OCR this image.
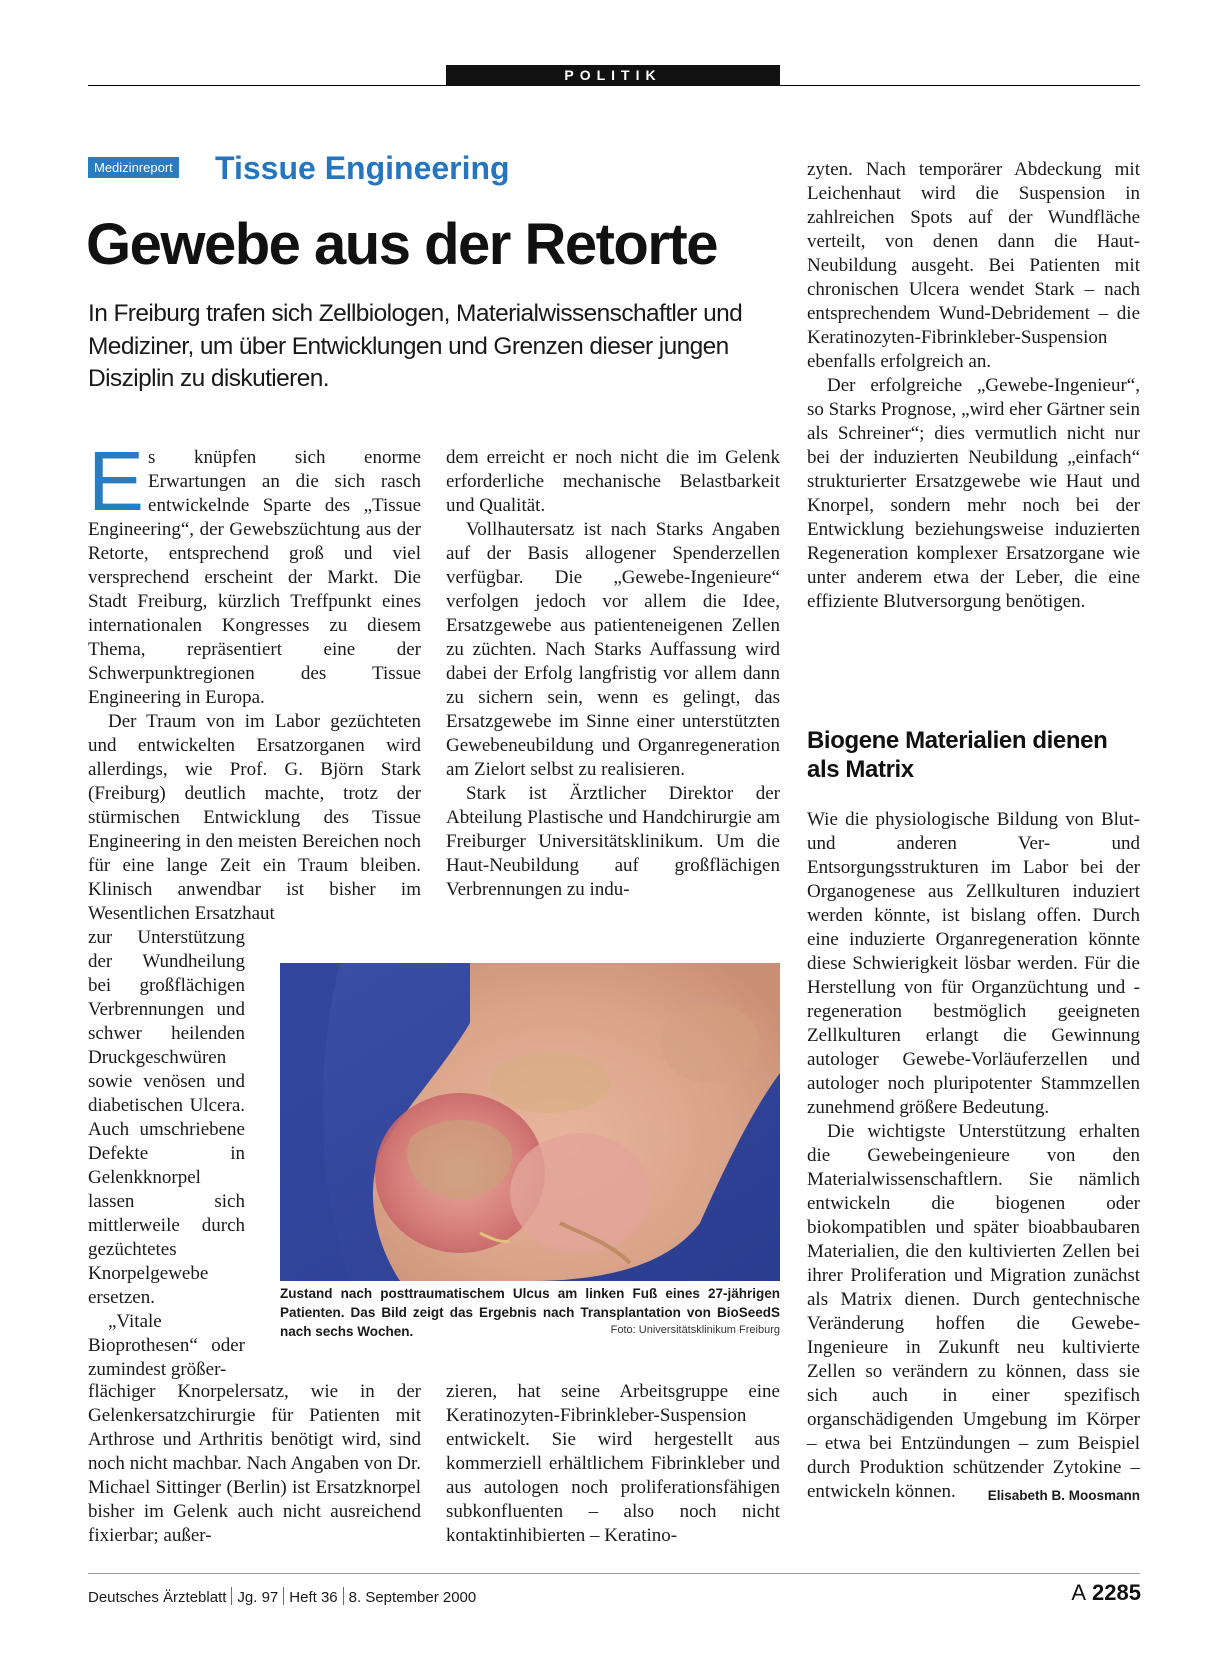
POLITIK
Medizinreport Tissue Engineering
Gewebe aus der Retorte
In Freiburg trafen sich Zellbiologen, Materialwissenschaftler und Mediziner, um über Entwicklungen und Grenzen dieser jungen Disziplin zu diskutieren.

Es knüpfen sich enorme Erwartungen an die sich rasch entwickelnde Sparte des „Tissue Engineering“, der Gewebszüchtung aus der Retorte, entsprechend groß und viel versprechend erscheint der Markt. Die Stadt Freiburg, kürzlich Treffpunkt eines internationalen Kongresses zu diesem Thema, repräsentiert eine der Schwerpunktregionen des Tissue Engineering in Europa.

Der Traum von im Labor gezüchteten und entwickelten Ersatzorganen wird allerdings, wie Prof. G. Björn Stark (Freiburg) deutlich machte, trotz der stürmischen Entwicklung des Tissue Engineering in den meisten Bereichen noch für eine lange Zeit ein Traum bleiben. Klinisch anwendbar ist bisher im Wesentlichen Ersatzhaut

zur Unterstützung der Wundheilung bei großflächigen Verbrennungen und schwer heilenden Druckgeschwüren sowie venösen und diabetischen Ulcera. Auch umschriebene Defekte in Gelenkknorpel lassen sich mittlerweile durch gezüchtetes Knorpelgewebe ersetzen.

„Vitale Bioprothesen“ oder zumindest größer-

flächiger Knorpelersatz, wie in der Gelenkersatzchirurgie für Patienten mit Arthrose und Arthritis benötigt wird, sind noch nicht machbar. Nach Angaben von Dr. Michael Sittinger (Berlin) ist Ersatzknorpel bisher im Gelenk auch nicht ausreichend fixierbar; außer-

dem erreicht er noch nicht die im Gelenk erforderliche mechanische Belastbarkeit und Qualität.

Vollhautersatz ist nach Starks Angaben auf der Basis allogener Spenderzellen verfügbar. Die „Gewebe-Ingenieure“ verfolgen jedoch vor allem die Idee, Ersatzgewebe aus patienteneigenen Zellen zu züchten. Nach Starks Auffassung wird dabei der Erfolg langfristig vor allem dann zu sichern sein, wenn es gelingt, das Ersatzgewebe im Sinne einer unterstützten Gewebeneubildung und Organregeneration am Zielort selbst zu realisieren.

Stark ist Ärztlicher Direktor der Abteilung Plastische und Handchirurgie am Freiburger Universitätsklinikum. Um die Haut-Neubildung auf großflächigen Verbrennungen zu indu-

zieren, hat seine Arbeitsgruppe eine Keratinozyten-Fibrinkleber-Suspension entwickelt. Sie wird hergestellt aus kommerziell erhältlichem Fibrinkleber und aus autologen noch proliferationsfähigen subkonfluenten – also noch nicht kontaktinhibierten – Keratino-

Zustand nach posttraumatischem Ulcus am linken Fuß eines 27-jährigen Patienten. Das Bild zeigt das Ergebnis nach Transplantation von BioSeedS nach sechs Wochen.	Foto: Universitätsklinikum Freiburg

zyten. Nach temporärer Abdeckung mit Leichenhaut wird die Suspension in zahlreichen Spots auf der Wundfläche verteilt, von denen dann die Haut-Neubildung ausgeht. Bei Patienten mit chronischen Ulcera wendet Stark – nach entsprechendem Wund-Debridement – die Keratinozyten-Fibrinkleber-Suspension ebenfalls erfolgreich an.

Der erfolgreiche „Gewebe-Ingenieur“, so Starks Prognose, „wird eher Gärtner sein als Schreiner“; dies vermutlich nicht nur bei der induzierten Neubildung „einfach“ strukturierter Ersatzgewebe wie Haut und Knorpel, sondern mehr noch bei der Entwicklung beziehungsweise induzierten Regeneration komplexer Ersatzorgane wie unter anderem etwa der Leber, die eine effiziente Blutversorgung benötigen.

Biogene Materialien dienen als Matrix

Wie die physiologische Bildung von Blut- und anderen Ver- und Entsorgungsstrukturen im Labor bei der Organogenese aus Zellkulturen induziert werden könnte, ist bislang offen. Durch eine induzierte Organregeneration könnte diese Schwierigkeit lösbar werden. Für die Herstellung von für Organzüchtung und -regeneration bestmöglich geeigneten Zellkulturen erlangt die Gewinnung autologer Gewebe-Vorläuferzellen und autologer noch pluripotenter Stammzellen zunehmend größere Bedeutung.

Die wichtigste Unterstützung erhalten die Gewebeingenieure von den Materialwissenschaftlern. Sie nämlich entwickeln die biogenen oder biokompatiblen und später bioabbaubaren Materialien, die den kultivierten Zellen bei ihrer Proliferation und Migration zunächst als Matrix dienen. Durch gentechnische Veränderung hoffen die Gewebe-Ingenieure in Zukunft neu kultivierte Zellen so verändern zu können, dass sie sich auch in einer spezifisch organschädigenden Umgebung im Körper – etwa bei Entzündungen – zum Beispiel durch Produktion schützender Zytokine – entwickeln können.	Elisabeth B. Moosmann

Deutsches Ärzteblatt Jg. 97 Heft 36 8. September 2000	A 2285
